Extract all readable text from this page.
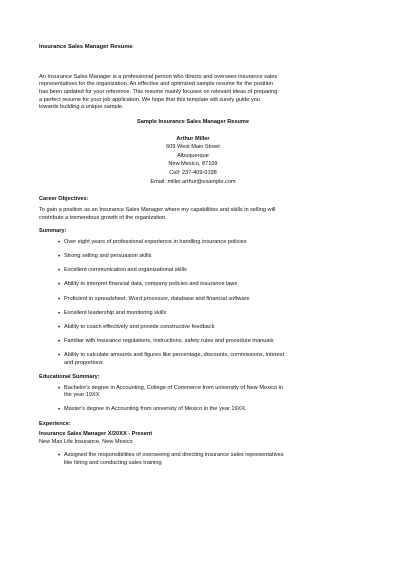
Insurance Sales Manager Resume

An Insurance Sales Manager is a professional person who directs and oversees insurance sales representatives for the organization. An effective and optimized sample resume for the position has been updated for your reference. This resume mainly focuses on relevant ideas of preparing a perfect resume for your job application. We hope that this template will surely guide you towards building a unique sample.

Sample Insurance Sales Manager Resume
Arthur Miller
609 West Main Street
Albuquerque
New Mexico, 87109
Cell: 237-409-0198
Email: miller.arthur@example.com
Career Objectives:

To gain a position as an Insurance Sales Manager where my capabilities and skills in selling will contribute a tremendous growth of the organization.

Summary:
• Over eight years of professional experience in handling insurance policies
• Strong selling and persuasion skills
• Excellent communication and organizational skills
• Ability to interpret financial data, company policies and insurance laws
• Proficient in spreadsheet, Word processor, database and financial software
• Excellent leadership and monitoring skills
• Ability to coach effectively and provide constructive feedback
• Familiar with insurance regulations, instructions, safety rules and procedure manuals
• Ability to calculate amounts and figures like percentage, discounts, commissions, interest and proportions
Educational Summary:
• Bachelor's degree in Accounting, College of Commerce from university of New Mexico in the year 19XX
• Master's degree in Accounting from university of Mexico in the year 19XX.
Experience:
Insurance Sales Manager X/20XX - Present
New Max Life Insurance, New Mexico
• Assigned the responsibilities of overseeing and directing insurance sales representatives like hiring and conducting sales training
